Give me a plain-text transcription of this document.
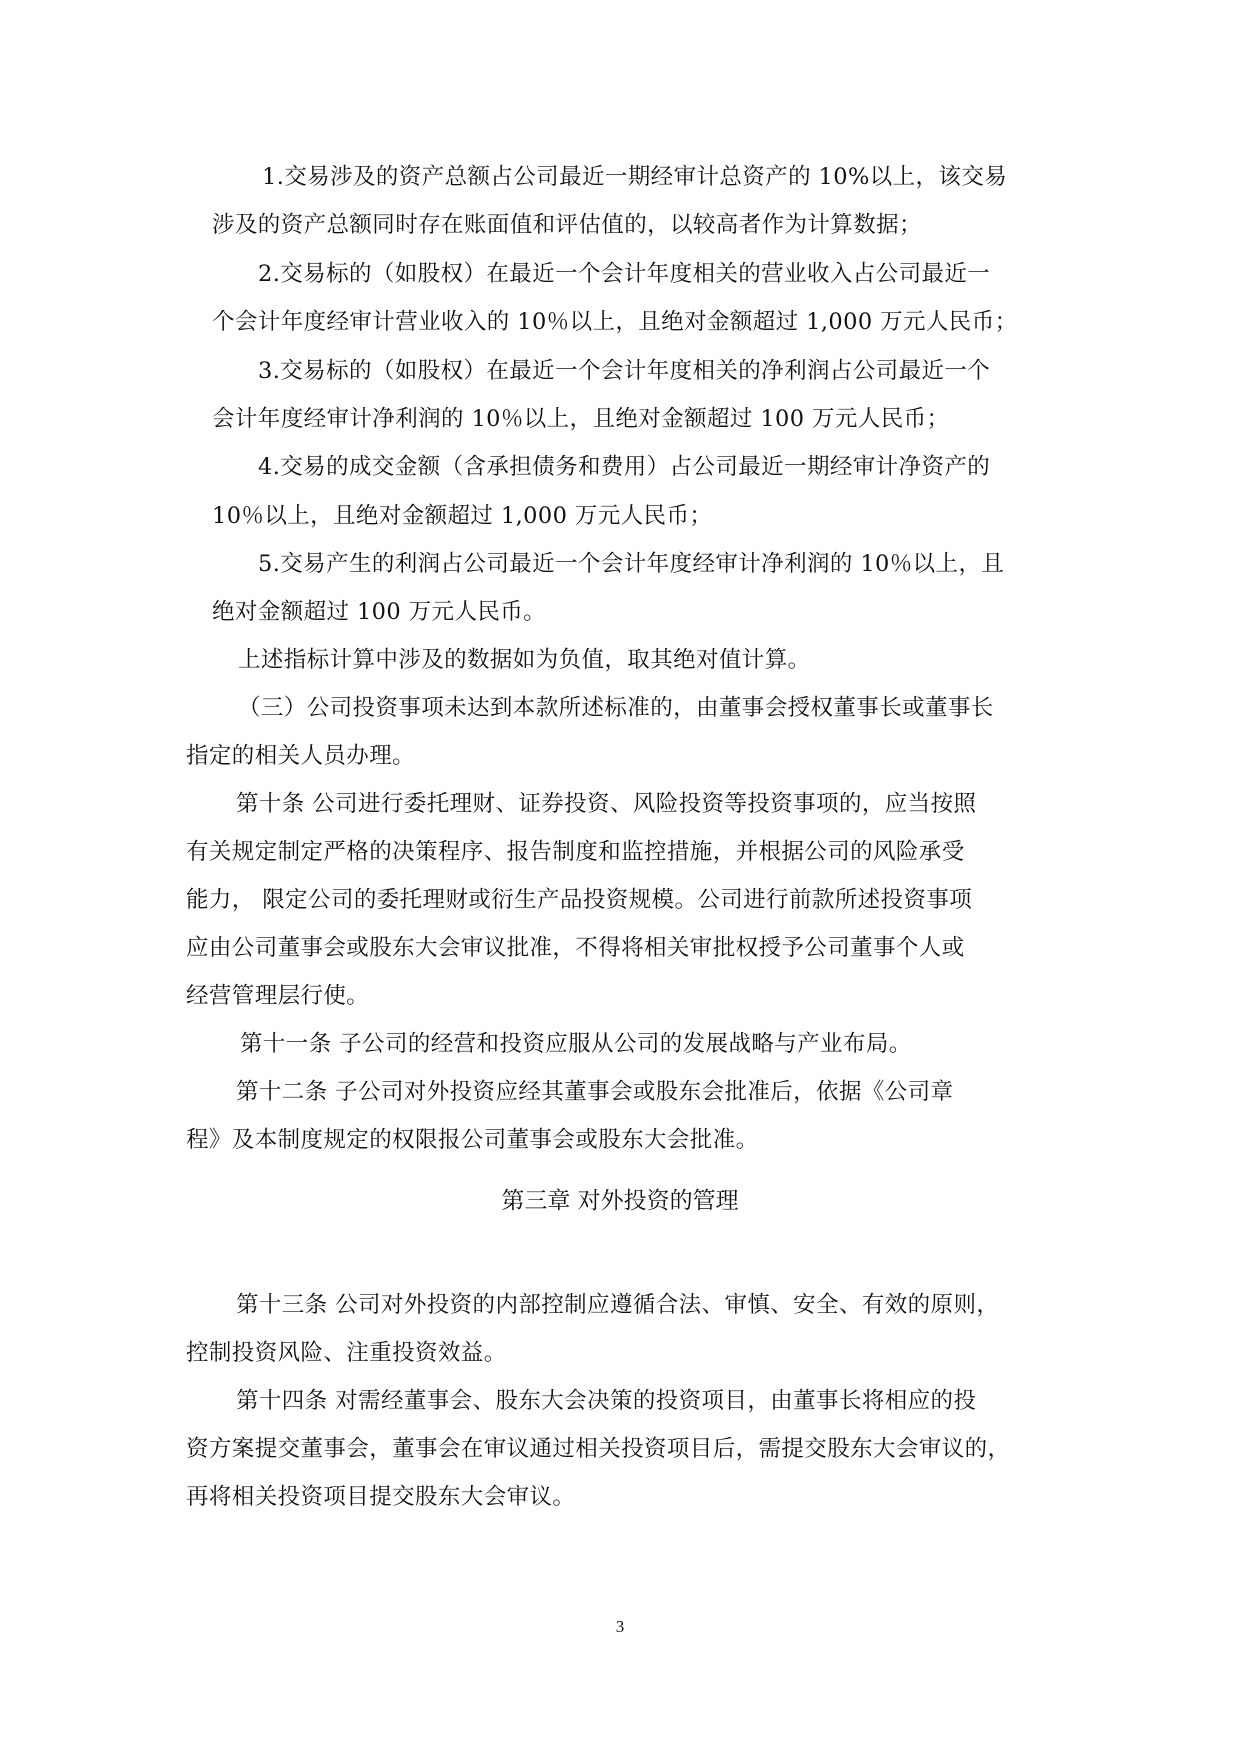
1.交易涉及的资产总额占公司最近一期经审计总资产的 10%以上，该交易
涉及的资产总额同时存在账面值和评估值的，以较高者作为计算数据；
2.交易标的（如股权）在最近一个会计年度相关的营业收入占公司最近一
个会计年度经审计营业收入的 10％以上，且绝对金额超过 1,000 万元人民币；
3.交易标的（如股权）在最近一个会计年度相关的净利润占公司最近一个
会计年度经审计净利润的 10％以上，且绝对金额超过 100 万元人民币；
4.交易的成交金额（含承担债务和费用）占公司最近一期经审计净资产的
10％以上，且绝对金额超过 1,000 万元人民币；
5.交易产生的利润占公司最近一个会计年度经审计净利润的 10％以上，且
绝对金额超过 100 万元人民币。
上述指标计算中涉及的数据如为负值，取其绝对值计算。
（三）公司投资事项未达到本款所述标准的，由董事会授权董事长或董事长
指定的相关人员办理。
第十条 公司进行委托理财、证券投资、风险投资等投资事项的，应当按照
有关规定制定严格的决策程序、报告制度和监控措施，并根据公司的风险承受
能力， 限定公司的委托理财或衍生产品投资规模。公司进行前款所述投资事项
应由公司董事会或股东大会审议批准，不得将相关审批权授予公司董事个人或
经营管理层行使。
第十一条 子公司的经营和投资应服从公司的发展战略与产业布局。
第十二条 子公司对外投资应经其董事会或股东会批准后，依据《公司章
程》及本制度规定的权限报公司董事会或股东大会批准。
第三章 对外投资的管理
第十三条 公司对外投资的内部控制应遵循合法、审慎、安全、有效的原则，
控制投资风险、注重投资效益。
第十四条 对需经董事会、股东大会决策的投资项目，由董事长将相应的投
资方案提交董事会，董事会在审议通过相关投资项目后，需提交股东大会审议的，
再将相关投资项目提交股东大会审议。
3
